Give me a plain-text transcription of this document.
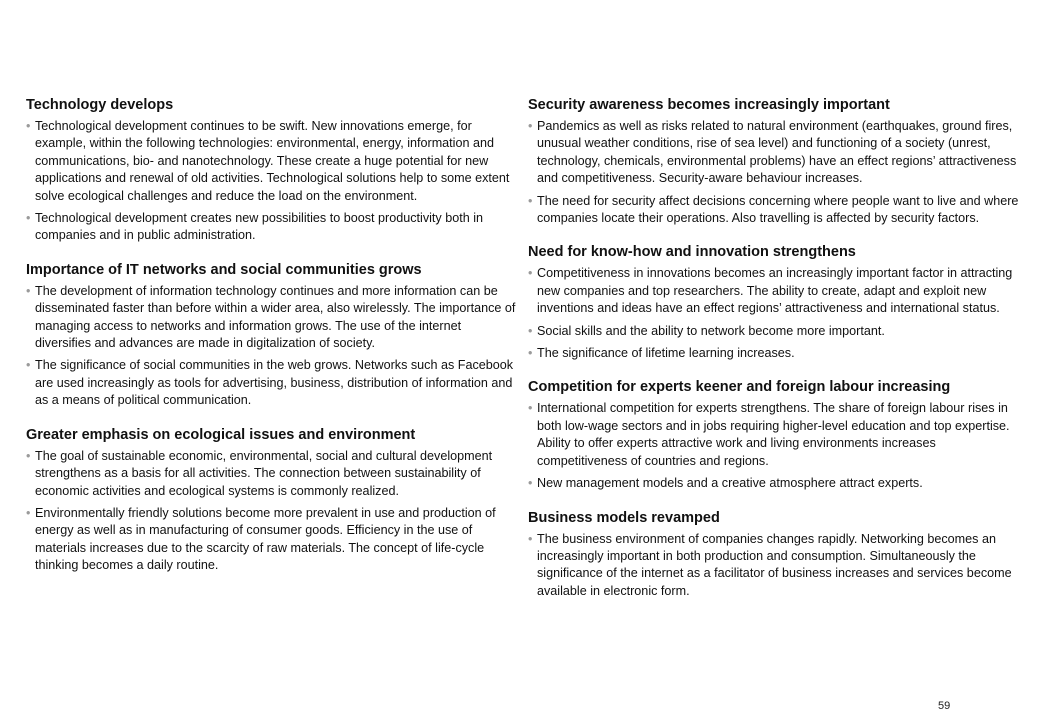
Technology develops
• Technological development continues to be swift. New innovations emerge, for example, within the following technologies: environmental, energy, information and communications, bio- and nanotechnology. These create a huge potential for new applications and renewal of old activities. Technological solutions help to some extent solve ecological challenges and reduce the load on the environment.
• Technological development creates new possibilities to boost productivity both in companies and in public administration.
Importance of IT networks and social communities grows
• The development of information technology continues and more information can be disseminated faster than before within a wider area, also wirelessly. The importance of managing access to networks and information grows. The use of the internet diversifies and advances are made in digitalization of society.
• The significance of social communities in the web grows. Networks such as Facebook are used increasingly as tools for advertising, business, distribution of information and as a means of political communication.
Greater emphasis on ecological issues and environment
• The goal of sustainable economic, environmental, social and cultural development strengthens as a basis for all activities. The connection between sustainability of economic activities and ecological systems is commonly realized.
• Environmentally friendly solutions become more prevalent in use and production of energy as well as in manufacturing of consumer goods. Efficiency in the use of materials increases due to the scarcity of raw materials. The concept of life-cycle thinking becomes a daily routine.
Security awareness becomes increasingly important
• Pandemics as well as risks related to natural environment (earthquakes, ground fires, unusual weather conditions, rise of sea level) and functioning of a society (unrest, technology, chemicals, environmental problems) have an effect regions’ attractiveness and competitiveness. Security-aware behaviour increases.
• The need for security affect decisions concerning where people want to live and where companies locate their operations. Also travelling is affected by security factors.
Need for know-how and innovation strengthens
• Competitiveness in innovations becomes an increasingly important factor in attracting new companies and top researchers. The ability to create, adapt and exploit new inventions and ideas have an effect regions’ attractiveness and international status.
• Social skills and the ability to network become more important.
• The significance of lifetime learning increases.
Competition for experts keener and foreign labour increasing
• International competition for experts strengthens. The share of foreign labour rises in both low-wage sectors and in jobs requiring higher-level education and top expertise. Ability to offer experts attractive work and living environments increases competitiveness of countries and regions.
• New management models and a creative atmosphere attract experts.
Business models revamped
• The business environment of companies changes rapidly. Networking becomes an increasingly important in both production and consumption. Simultaneously the significance of the internet as a facilitator of business increases and services become available in electronic form.
59
